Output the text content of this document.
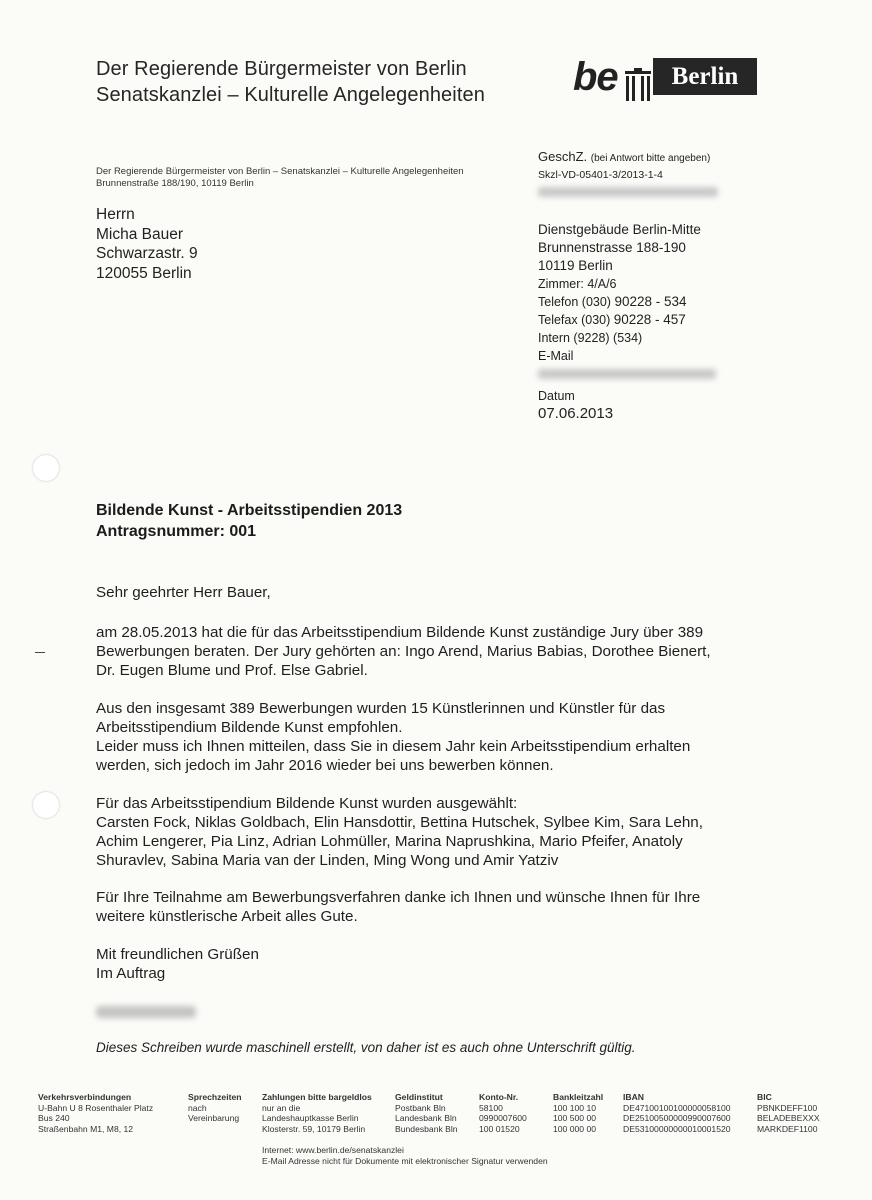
Der Regierende Bürgermeister von Berlin
Senatskanzlei – Kulturelle Angelegenheiten be	Berlin
Der Regierende Bürgermeister von Berlin – Senatskanzlei – Kulturelle Angelegenheiten
Brunnenstraße 188/190, 10119 Berlin
Herrn
Micha Bauer
Schwarzastr. 9
120055 Berlin
GeschZ. (bei Antwort bitte angeben)
Skzl-VD-05401-3/2013-1-4
Dienstgebäude Berlin-Mitte
Brunnenstrasse 188-190
10119 Berlin
Zimmer: 4/A/6
Telefon (030) 90228 - 534
Telefax (030) 90228 - 457
Intern (9228) (534)
E-Mail
Datum
07.06.2013
Bildende Kunst - Arbeitsstipendien 2013
Antragsnummer: 001
Sehr geehrter Herr Bauer,
am 28.05.2013 hat die für das Arbeitsstipendium Bildende Kunst zuständige Jury über 389
Bewerbungen beraten. Der Jury gehörten an: Ingo Arend, Marius Babias, Dorothee Bienert,
Dr. Eugen Blume und Prof. Else Gabriel.
Aus den insgesamt 389 Bewerbungen wurden 15 Künstlerinnen und Künstler für das
Arbeitsstipendium Bildende Kunst empfohlen.
Leider muss ich Ihnen mitteilen, dass Sie in diesem Jahr kein Arbeitsstipendium erhalten
werden, sich jedoch im Jahr 2016 wieder bei uns bewerben können.
Für das Arbeitsstipendium Bildende Kunst wurden ausgewählt:
Carsten Fock, Niklas Goldbach, Elin Hansdottir, Bettina Hutschek, Sylbee Kim, Sara Lehn,
Achim Lengerer, Pia Linz, Adrian Lohmüller, Marina Naprushkina, Mario Pfeifer, Anatoly
Shuravlev, Sabina Maria van der Linden, Ming Wong und Amir Yatziv
Für Ihre Teilnahme am Bewerbungsverfahren danke ich Ihnen und wünsche Ihnen für Ihre
weitere künstlerische Arbeit alles Gute.
Mit freundlichen Grüßen
Im Auftrag
Dieses Schreiben wurde maschinell erstellt, von daher ist es auch ohne Unterschrift gültig.
Verkehrsverbindungen
U-Bahn U 8 Rosenthaler Platz
Bus 240
Straßenbahn M1, M8, 12
Sprechzeiten
nach
Vereinbarung
Zahlungen bitte bargeldlos
nur an die
Landeshauptkasse Berlin
Klosterstr. 59, 10179 Berlin
Geldinstitut
Postbank Bln
Landesbank Bln
Bundesbank Bln
Konto-Nr.
58100
0990007600
100 01520
Bankleitzahl
100 100 10
100 500 00
100 000 00
IBAN
DE47100100100000058100
DE25100500000990007600
DE53100000000010001520
BIC
PBNKDEFF100
BELADEBEXXX
MARKDEF1100
Internet: www.berlin.de/senatskanzlei
E-Mail Adresse nicht für Dokumente mit elektronischer Signatur verwenden
